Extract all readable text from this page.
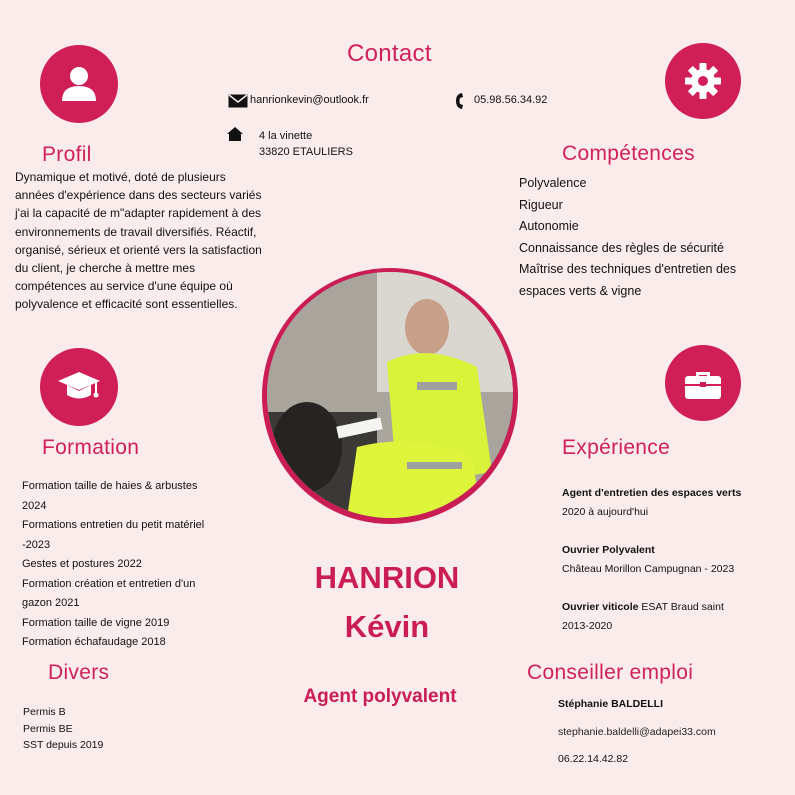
Contact
hanrionkevin@outlook.fr	05.98.56.34.92
4 la vinette
33820 ETAULIERS
Profil
Dynamique et motivé, doté de plusieurs années d'expérience dans des secteurs variés j'ai la capacité de m"adapter rapidement à des environnements de travail diversifiés. Réactif, organisé, sérieux et orienté vers la satisfaction du client, je cherche à mettre mes compétences au service d'une équipe où polyvalence et efficacité sont essentielles.
Compétences
Polyvalence
Rigueur
Autonomie
Connaissance des règles de sécurité
Maîtrise des techniques d'entretien des espaces verts & vigne
Formation
Formation taille de haies & arbustes 2024
Formations entretien du petit matériel -2023
Gestes et postures 2022
Formation création et entretien d'un gazon 2021
Formation taille de vigne 2019
Formation échafaudage 2018
Expérience
Agent d'entretien des espaces verts
2020 à aujourd'hui
Ouvrier Polyvalent
Château Morillon Campugnan - 2023
Ouvrier viticole ESAT Braud saint
2013-2020
HANRION
Kévin
Agent polyvalent
Divers
Permis B
Permis BE
SST depuis 2019
Conseiller emploi
Stéphanie BALDELLI
stephanie.baldelli@adapei33.com
06.22.14.42.82
